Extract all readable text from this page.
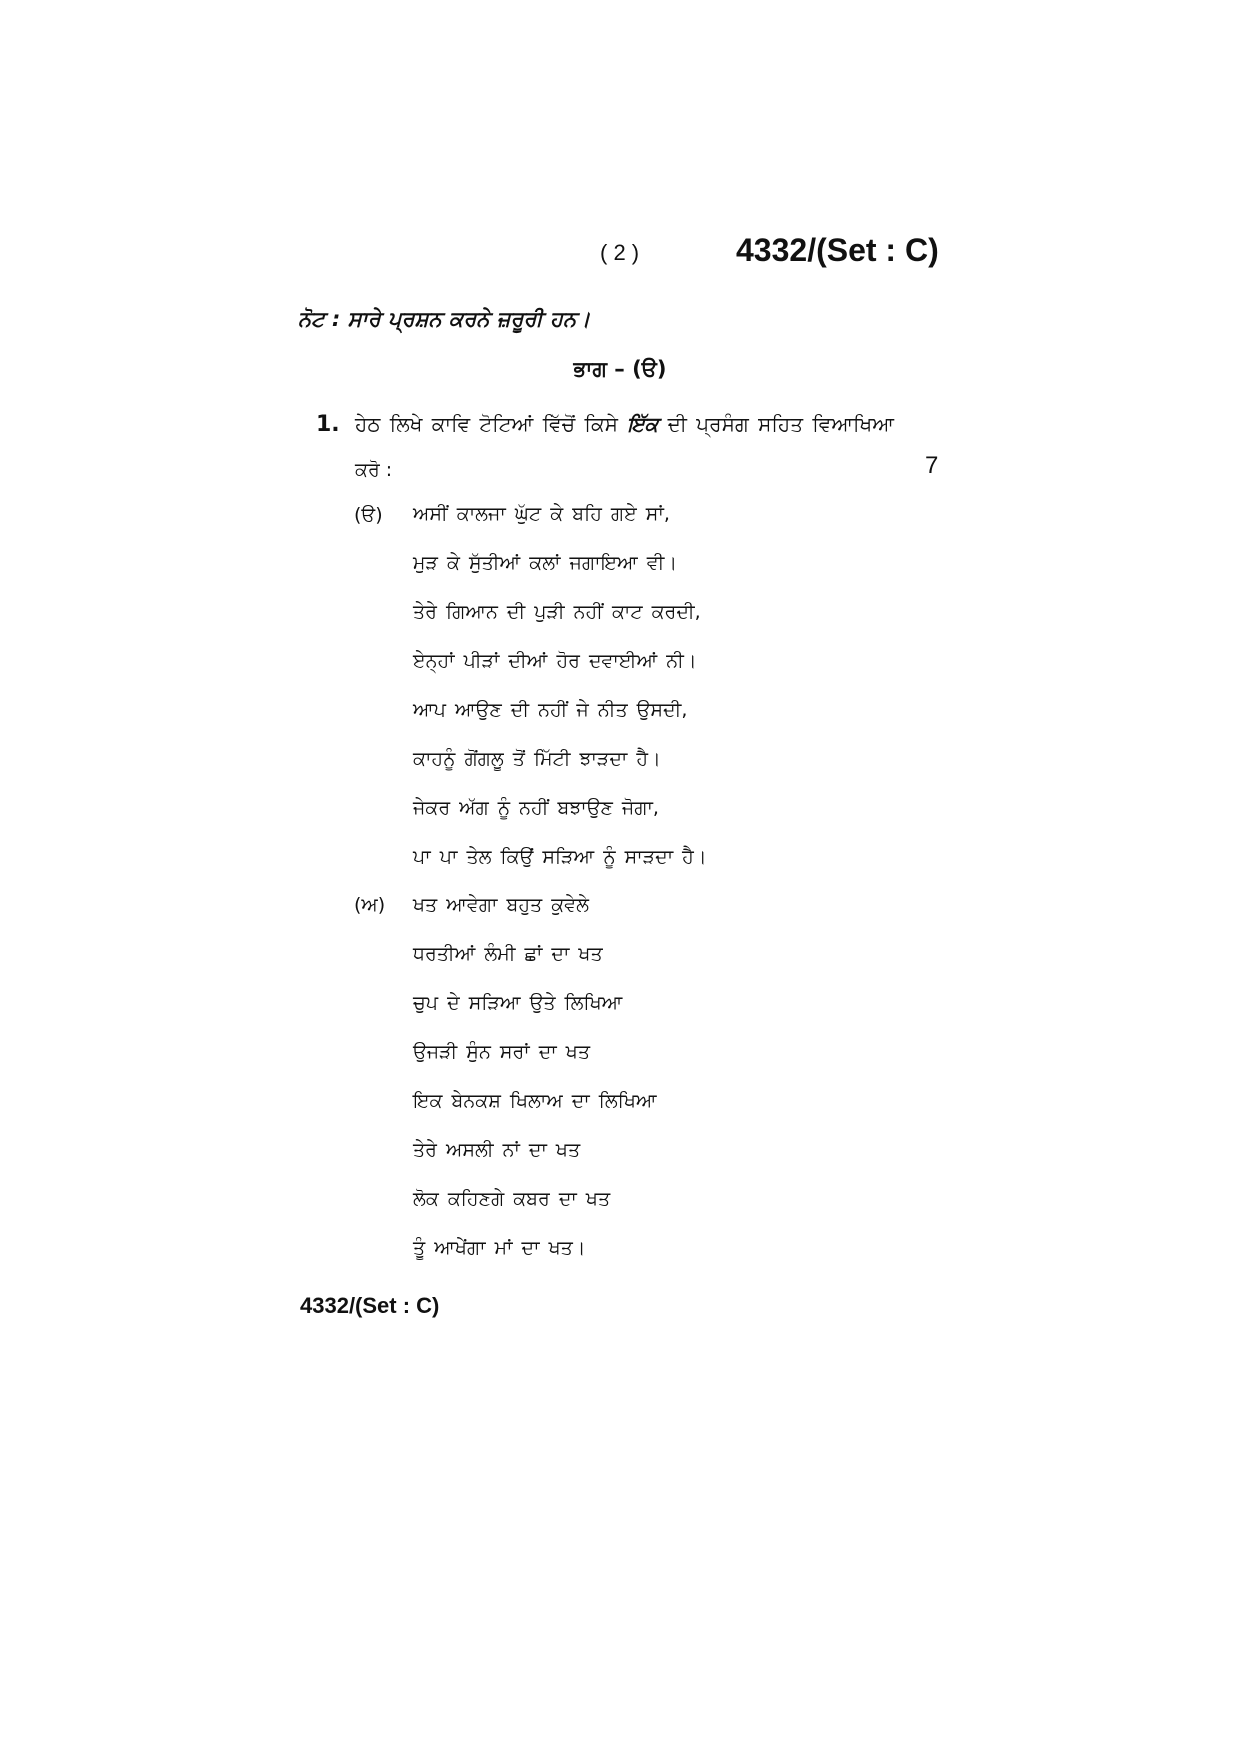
( 2 )	4332/(Set : C)
ਨੋਟ : ਸਾਰੇ ਪ੍ਰਸ਼ਨ ਕਰਨੇ ਜ਼ਰੂਰੀ ਹਨ।
ਭਾਗ – (ੳ)
1. ਹੇਠ ਲਿਖੇ ਕਾਵਿ ਟੋਟਿਆਂ ਵਿੱਚੋਂ ਕਿਸੇ ਇੱਕ ਦੀ ਪ੍ਰਸੰਗ ਸਹਿਤ ਵਿਆਖਿਆ
ਕਰੋ :	7
(ੳ) ਅਸੀਂ ਕਾਲਜਾ ਘੁੱਟ ਕੇ ਬਹਿ ਗਏ ਸਾਂ,
ਮੁੜ ਕੇ ਸੁੱਤੀਆਂ ਕਲਾਂ ਜਗਾਇਆ ਵੀ।
ਤੇਰੇ ਗਿਆਨ ਦੀ ਪੁੜੀ ਨਹੀਂ ਕਾਟ ਕਰਦੀ,
ਏਨ੍ਹਾਂ ਪੀੜਾਂ ਦੀਆਂ ਹੋਰ ਦਵਾਈਆਂ ਨੀ।
ਆਪ ਆਉਣ ਦੀ ਨਹੀਂ ਜੇ ਨੀਤ ਉਸਦੀ,
ਕਾਹਨੂੰ ਗੋਂਗਲੂ ਤੋਂ ਮਿੱਟੀ ਝਾੜਦਾ ਹੈ।
ਜੇਕਰ ਅੱਗ ਨੂੰ ਨਹੀਂ ਬਝਾਉਣ ਜੋਗਾ,
ਪਾ ਪਾ ਤੇਲ ਕਿਉਂ ਸੜਿਆ ਨੂੰ ਸਾੜਦਾ ਹੈ।
(ਅ) ਖਤ ਆਵੇਗਾ ਬਹੁਤ ਕੁਵੇਲੇ
ਧਰਤੀਆਂ ਲੰਮੀ ਛਾਂ ਦਾ ਖਤ
ਚੁਪ ਦੇ ਸੜਿਆ ਉਤੇ ਲਿਖਿਆ
ਉਜੜੀ ਸੁੰਨ ਸਰਾਂ ਦਾ ਖਤ
ਇਕ ਬੇਨਕਸ਼ ਖਿਲਾਅ ਦਾ ਲਿਖਿਆ
ਤੇਰੇ ਅਸਲੀ ਨਾਂ ਦਾ ਖਤ
ਲੋਕ ਕਹਿਣਗੇ ਕਬਰ ਦਾ ਖਤ
ਤੂੰ ਆਖੇਂਗਾ ਮਾਂ ਦਾ ਖਤ।
4332/(Set : C)
